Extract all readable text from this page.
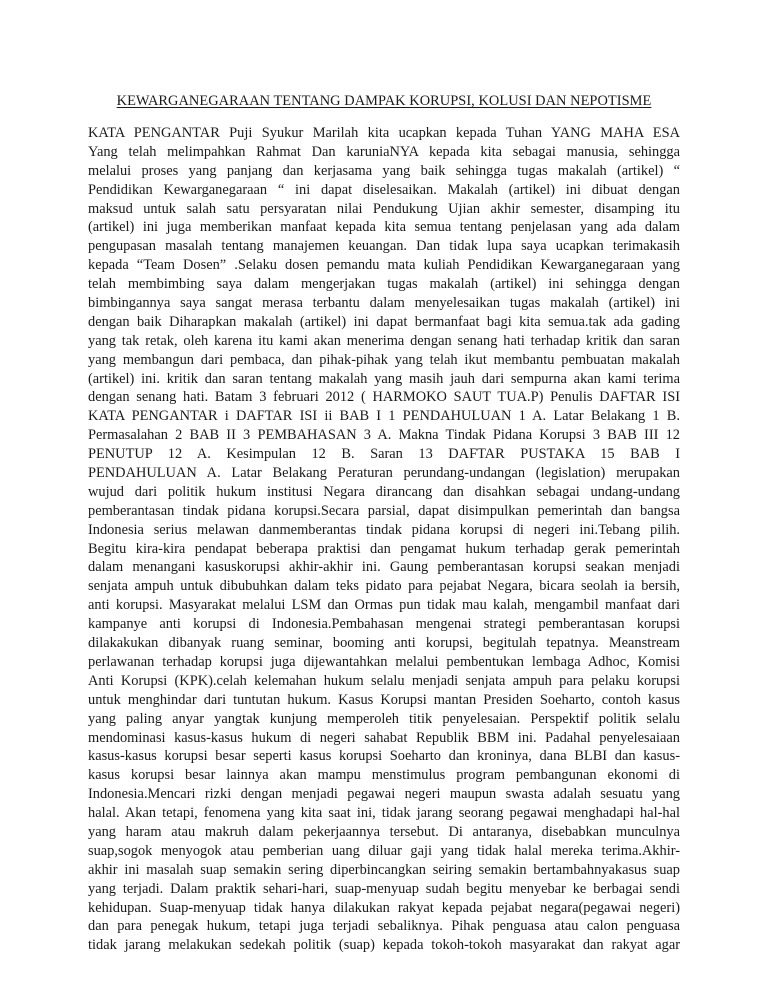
KEWARGANEGARAAN TENTANG DAMPAK KORUPSI, KOLUSI DAN NEPOTISME
KATA PENGANTAR Puji Syukur Marilah kita ucapkan kepada Tuhan YANG MAHA ESA
Yang telah melimpahkan Rahmat Dan karuniaNYA kepada kita sebagai manusia, sehingga
melalui proses yang panjang dan kerjasama yang baik sehingga tugas makalah (artikel) “
Pendidikan Kewarganegaraan “ ini dapat diselesaikan. Makalah (artikel) ini dibuat dengan
maksud untuk salah satu persyaratan nilai Pendukung Ujian akhir semester, disamping itu
(artikel) ini juga memberikan manfaat kepada kita semua tentang penjelasan yang ada dalam
pengupasan masalah tentang manajemen keuangan. Dan tidak lupa saya ucapkan terimakasih
kepada “Team Dosen” .Selaku dosen pemandu mata kuliah Pendidikan Kewarganegaraan yang
telah membimbing saya dalam mengerjakan tugas makalah (artikel) ini sehingga dengan
bimbingannya saya sangat merasa terbantu dalam menyelesaikan tugas makalah (artikel) ini
dengan baik Diharapkan makalah (artikel) ini dapat bermanfaat bagi kita semua.tak ada gading
yang tak retak, oleh karena itu kami akan menerima dengan senang hati terhadap kritik dan saran
yang membangun dari pembaca, dan pihak-pihak yang telah ikut membantu pembuatan makalah
(artikel) ini. kritik dan saran tentang makalah yang masih jauh dari sempurna akan kami terima
dengan senang hati. Batam 3 februari 2012 ( HARMOKO SAUT TUA.P) Penulis DAFTAR ISI
KATA PENGANTAR i DAFTAR ISI ii BAB I 1 PENDAHULUAN 1 A. Latar Belakang 1 B.
Permasalahan 2 BAB II 3 PEMBAHASAN 3 A. Makna Tindak Pidana Korupsi 3 BAB III 12
PENUTUP 12 A. Kesimpulan 12 B. Saran 13 DAFTAR PUSTAKA 15 BAB I
PENDAHULUAN A. Latar Belakang Peraturan perundang-undangan (legislation) merupakan
wujud dari politik hukum institusi Negara dirancang dan disahkan sebagai undang-undang
pemberantasan tindak pidana korupsi.Secara parsial, dapat disimpulkan pemerintah dan bangsa
Indonesia serius melawan danmemberantas tindak pidana korupsi di negeri ini.Tebang pilih.
Begitu kira-kira pendapat beberapa praktisi dan pengamat hukum terhadap gerak pemerintah
dalam menangani kasuskorupsi akhir-akhir ini. Gaung pemberantasan korupsi seakan menjadi
senjata ampuh untuk dibubuhkan dalam teks pidato para pejabat Negara, bicara seolah ia bersih,
anti korupsi. Masyarakat melalui LSM dan Ormas pun tidak mau kalah, mengambil manfaat dari
kampanye anti korupsi di Indonesia.Pembahasan mengenai strategi pemberantasan korupsi
dilakakukan dibanyak ruang seminar, booming anti korupsi, begitulah tepatnya. Meanstream
perlawanan terhadap korupsi juga dijewantahkan melalui pembentukan lembaga Adhoc, Komisi
Anti Korupsi (KPK).celah kelemahan hukum selalu menjadi senjata ampuh para pelaku korupsi
untuk menghindar dari tuntutan hukum. Kasus Korupsi mantan Presiden Soeharto, contoh kasus
yang paling anyar yangtak kunjung memperoleh titik penyelesaian. Perspektif politik selalu
mendominasi kasus-kasus hukum di negeri sahabat Republik BBM ini. Padahal penyelesaiaan
kasus-kasus korupsi besar seperti kasus korupsi Soeharto dan kroninya, dana BLBI dan kasus-
kasus korupsi besar lainnya akan mampu menstimulus program pembangunan ekonomi di
Indonesia.Mencari rizki dengan menjadi pegawai negeri maupun swasta adalah sesuatu yang
halal. Akan tetapi, fenomena yang kita saat ini, tidak jarang seorang pegawai menghadapi hal-hal
yang haram atau makruh dalam pekerjaannya tersebut. Di antaranya, disebabkan munculnya
suap,sogok menyogok atau pemberian uang diluar gaji yang tidak halal mereka terima.Akhir-
akhir ini masalah suap semakin sering diperbincangkan seiring semakin bertambahnyakasus suap
yang terjadi. Dalam praktik sehari-hari, suap-menyuap sudah begitu menyebar ke berbagai sendi
kehidupan. Suap-menyuap tidak hanya dilakukan rakyat kepada pejabat negara(pegawai negeri)
dan para penegak hukum, tetapi juga terjadi sebaliknya. Pihak penguasa atau calon penguasa
tidak jarang melakukan sedekah politik (suap) kepada tokoh-tokoh masyarakat dan rakyat agar
